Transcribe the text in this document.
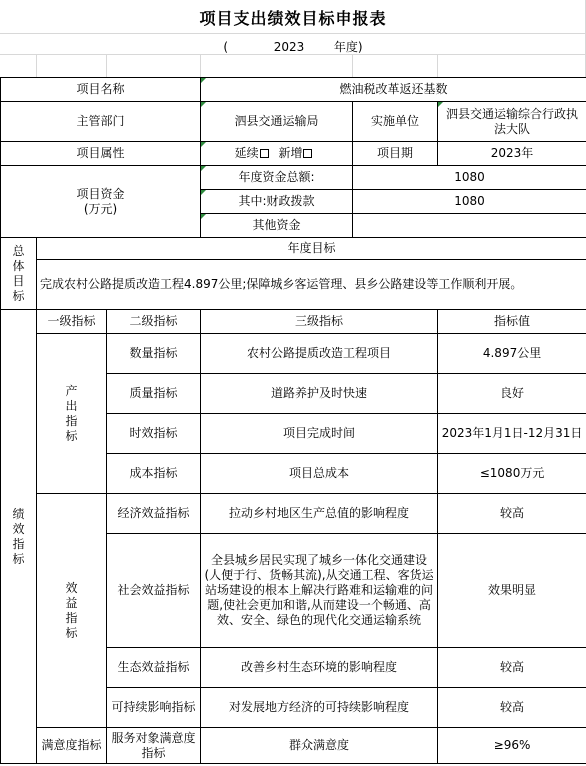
项目支出绩效目标申报表
(	2023 年度)
项目名称			燃油税改革返还基数		
主管部门			泗县交通运输局	实施单位	泗县交通运输综合行政执法大队
项目属性			延续 新增	项目期	2023年
项目资金
(万元)			年度资金总额:	1080	
			其中:财政拨款	1080	
			其他资金		

总
体
目
标	年度目标				
	完成农村公路提质改造工程4.897公里;保障城乡客运管理、县乡公路建设等工作顺利开展。				

绩
效
指
标	一级指标	二级指标	三级指标		指标值

	产
出
指
标	数量指标	农村公路提质改造工程项目		4.897公里
		质量指标	道路养护及时快速		良好
		时效指标	项目完成时间		2023年1月1日-12月31日
		成本指标	项目总成本		≤1080万元

	效
益
指
标	经济效益指标	拉动乡村地区生产总值的影响程度		较高
		社会效益指标	全县城乡居民实现了城乡一体化交通建设(人便于行、货畅其流),从交通工程、客货运站场建设的根本上解决行路难和运输难的问题,使社会更加和谐,从而建设一个畅通、高效、安全、绿色的现代化交通运输系统		效果明显
		生态效益指标	改善乡村生态环境的影响程度		较高
		可持续影响指标	对发展地方经济的可持续影响程度		较高
	满意度指标	服务对象满意度指标	群众满意度		≥96%
